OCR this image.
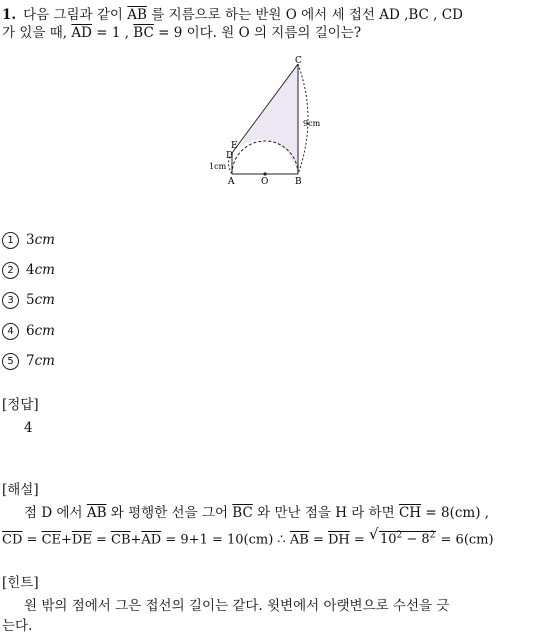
1. 다음 그림과 같이 $\overline{AB}$ 를 지름으로 하는 반원 O 에서 세 접선 AD ,BC , CD
가 있을 때, $\overline{AD} = 1$ , $\overline{BC} = 9$ 이다. 원 O 의 지름의 길이는?
C
E
D
A	O	B
9cm
1cm
1 3cm
2 4cm
3 5cm
4 6cm
5 7cm
[정답]
4
[해설]
점 D 에서 $\overline{AB}$ 와 평행한 선을 그어 $\overline{BC}$ 와 만난 점을 H 라 하면 $\overline{CH} = 8(cm)$ ,
$\overline{CD} = \overline{CE}+\overline{DE} = \overline{CB}+\overline{AD} = 9+1 = 10(cm)$ ∴ $\overline{AB} = \overline{DH}$ = √ $10^2 - 8^2 = 6(cm)$
[힌트]
원 밖의 점에서 그은 접선의 길이는 같다. 윗변에서 아랫변으로 수선을 긋
는다.
